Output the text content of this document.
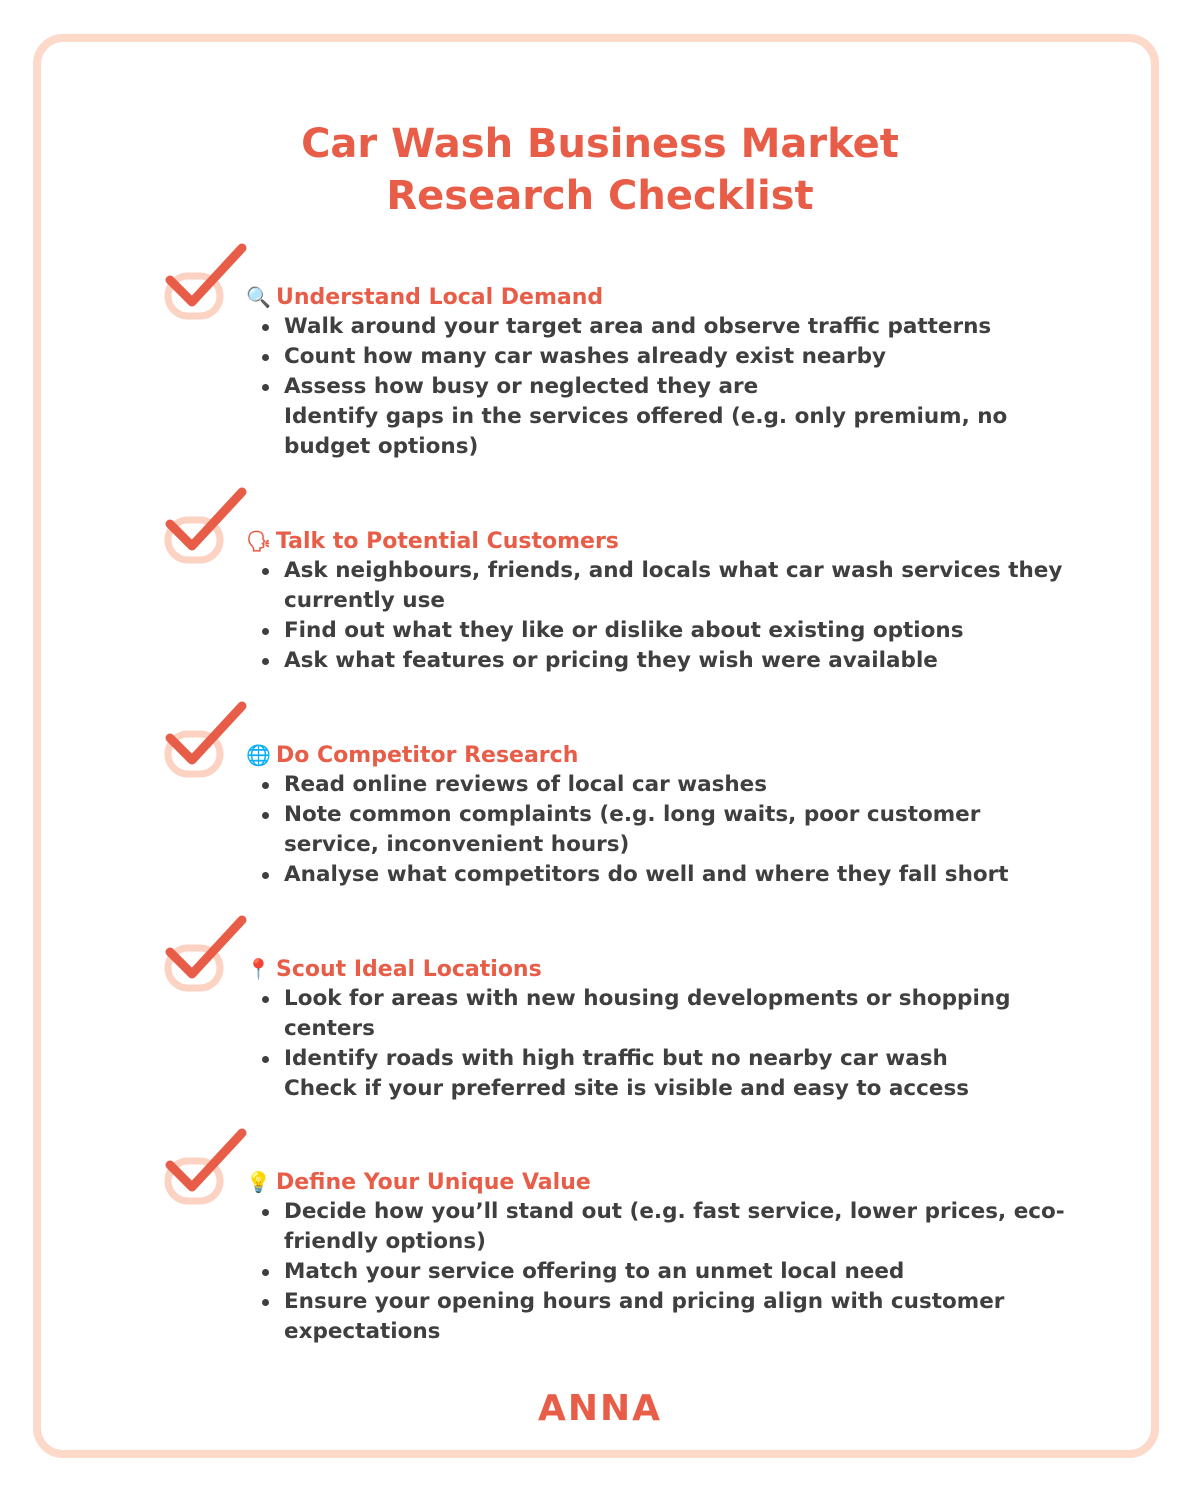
Car Wash Business Market
Research Checklist
🔍 Understand Local Demand
Walk around your target area and observe traffic patterns
Count how many car washes already exist nearby
Assess how busy or neglected they are
Identify gaps in the services offered (e.g. only premium, no budget options)
🗣 Talk to Potential Customers
Ask neighbours, friends, and locals what car wash services they currently use
Find out what they like or dislike about existing options
Ask what features or pricing they wish were available
🌐 Do Competitor Research
Read online reviews of local car washes
Note common complaints (e.g. long waits, poor customer service, inconvenient hours)
Analyse what competitors do well and where they fall short
📍 Scout Ideal Locations
Look for areas with new housing developments or shopping centers
Identify roads with high traffic but no nearby car wash
Check if your preferred site is visible and easy to access
💡 Define Your Unique Value
Decide how you’ll stand out (e.g. fast service, lower prices, eco-friendly options)
Match your service offering to an unmet local need
Ensure your opening hours and pricing align with customer expectations
ANNA
